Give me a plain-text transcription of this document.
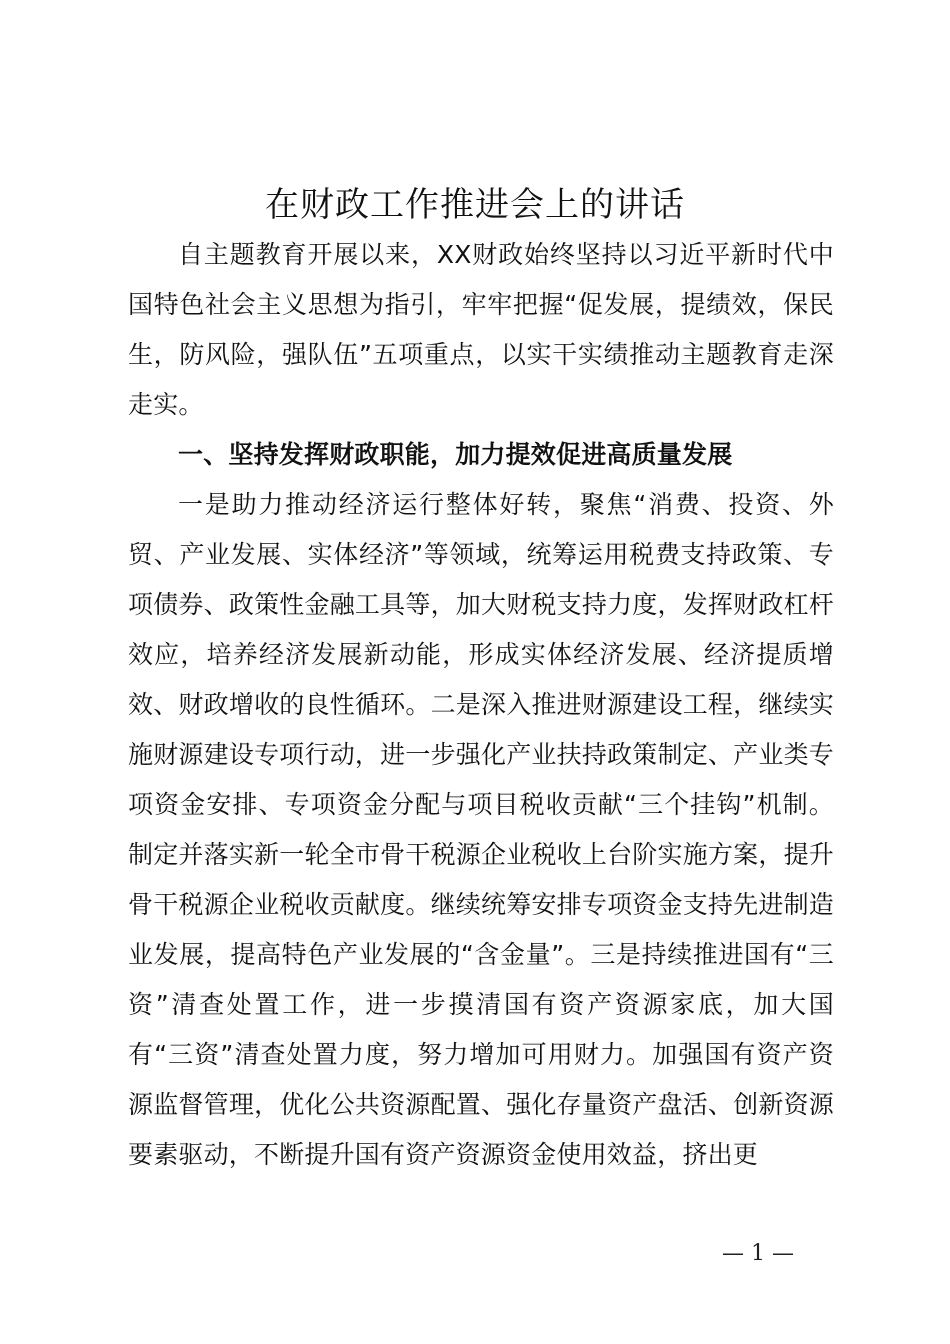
在财政工作推进会上的讲话

自主题教育开展以来，XX财政始终坚持以习近平新时代中国特色社会主义思想为指引，牢牢把握“促发展，提绩效，保民生，防风险，强队伍”五项重点，以实干实绩推动主题教育走深走实。

一、坚持发挥财政职能，加力提效促进高质量发展

一是助力推动经济运行整体好转，聚焦“消费、投资、外贸、产业发展、实体经济”等领域，统筹运用税费支持政策、专项债券、政策性金融工具等，加大财税支持力度，发挥财政杠杆效应，培养经济发展新动能，形成实体经济发展、经济提质增效、财政增收的良性循环。二是深入推进财源建设工程，继续实施财源建设专项行动，进一步强化产业扶持政策制定、产业类专项资金安排、专项资金分配与项目税收贡献“三个挂钩”机制。制定并落实新一轮全市骨干税源企业税收上台阶实施方案，提升骨干税源企业税收贡献度。继续统筹安排专项资金支持先进制造业发展，提高特色产业发展的“含金量”。三是持续推进国有“三资”清查处置工作，进一步摸清国有资产资源家底，加大国有“三资”清查处置力度，努力增加可用财力。加强国有资产资源监督管理，优化公共资源配置、强化存量资产盘活、创新资源要素驱动，不断提升国有资产资源资金使用效益，挤出更

— 1 —
